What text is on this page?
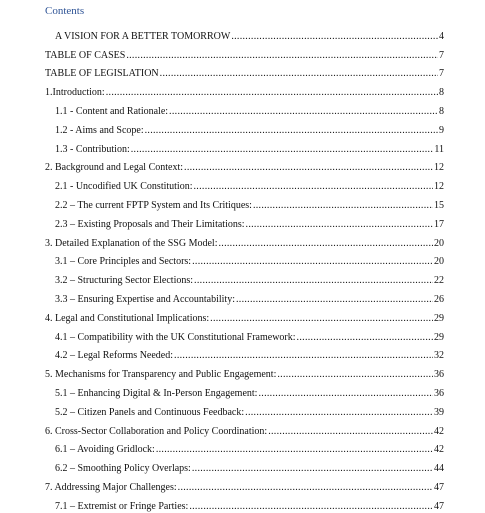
Contents
A VISION FOR A BETTER TOMORROW .....	4
TABLE OF CASES .....	7
TABLE OF LEGISLATION .....	7
1.Introduction: .....	8
1.1 - Content and Rationale: .....	8
1.2 - Aims and Scope: .....	9
1.3 - Contribution: .....	11
2. Background and Legal Context: .....	12
2.1 - Uncodified UK Constitution: .....	12
2.2 – The current FPTP System and Its Critiques: .....	15
2.3 – Existing Proposals and Their Limitations: .....	17
3. Detailed Explanation of the SSG Model: .....	20
3.1 – Core Principles and Sectors: .....	20
3.2 – Structuring Sector Elections: .....	22
3.3 – Ensuring Expertise and Accountability: .....	26
4. Legal and Constitutional Implications: .....	29
4.1 – Compatibility with the UK Constitutional Framework: .....	29
4.2 – Legal Reforms Needed: .....	32
5. Mechanisms for Transparency and Public Engagement: .....	36
5.1 – Enhancing Digital & In-Person Engagement: .....	36
5.2 – Citizen Panels and Continuous Feedback: .....	39
6. Cross-Sector Collaboration and Policy Coordination: .....	42
6.1 – Avoiding Gridlock: .....	42
6.2 – Smoothing Policy Overlaps: .....	44
7. Addressing Major Challenges: .....	47
7.1 – Extremist or Fringe Parties: .....	47
